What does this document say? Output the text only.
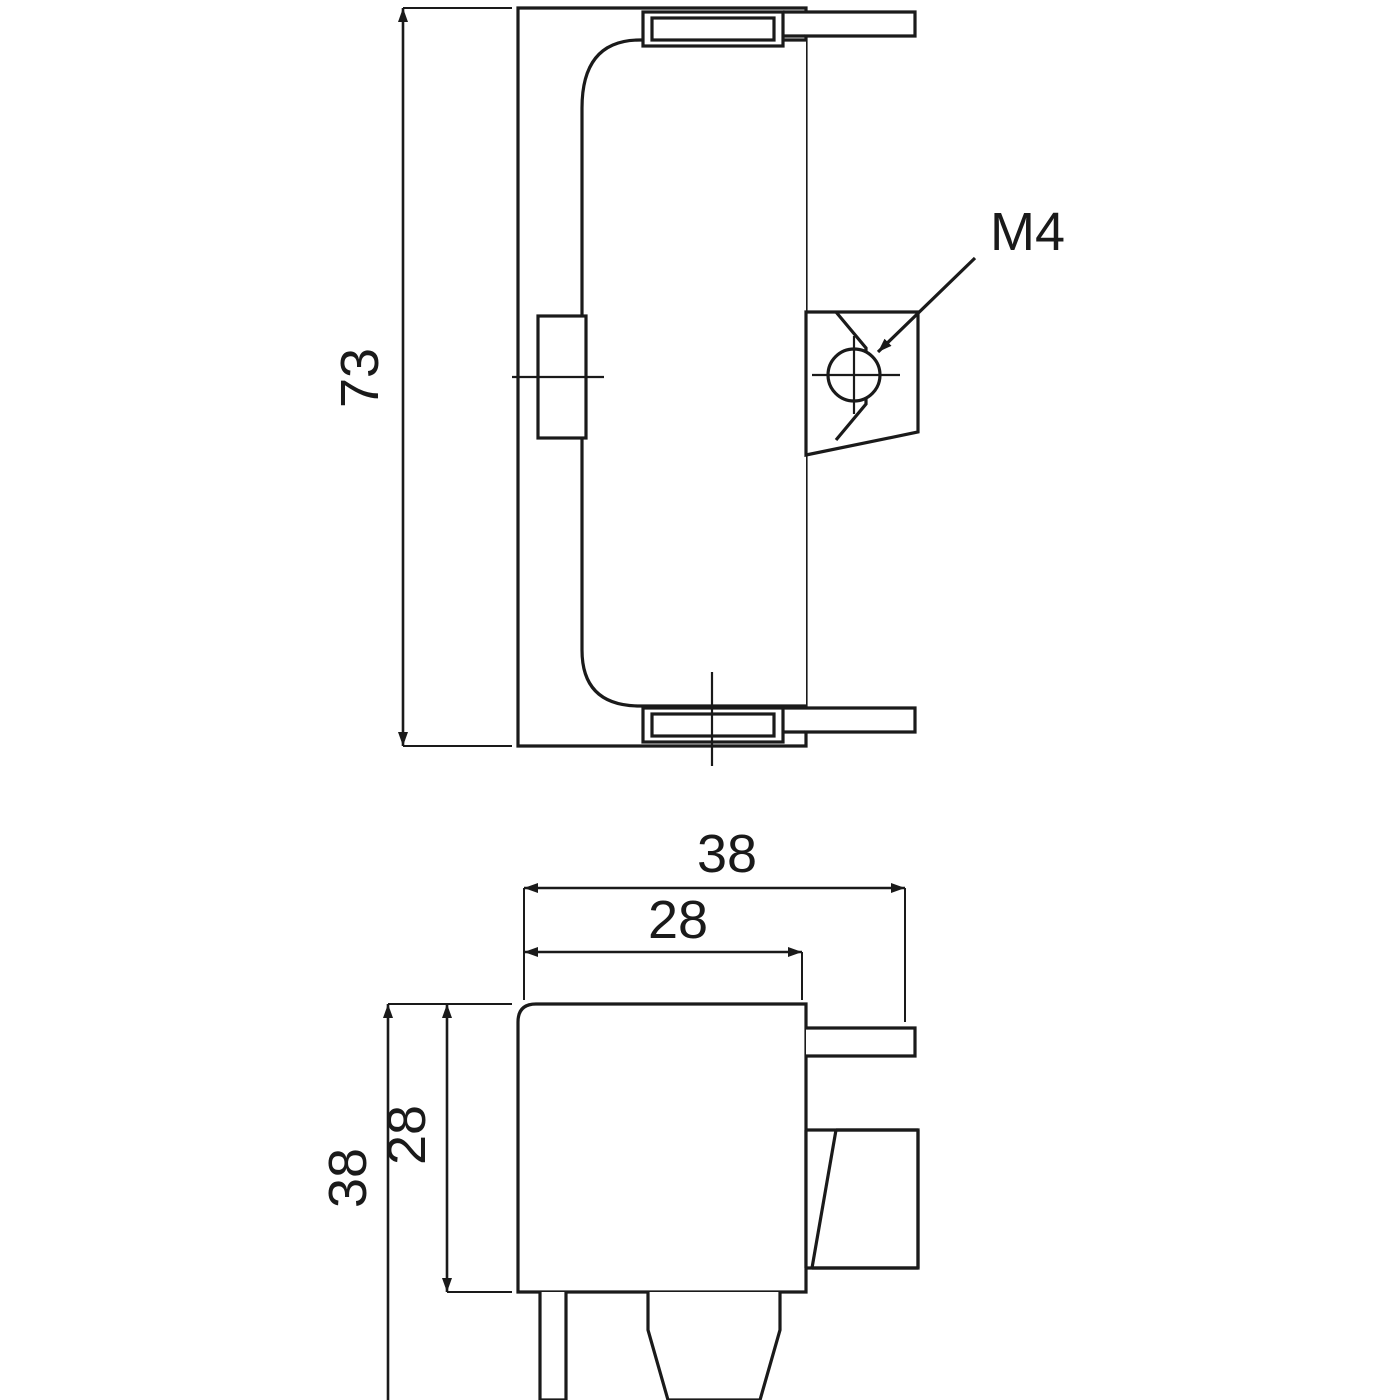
73
M4
38
28
38
28
